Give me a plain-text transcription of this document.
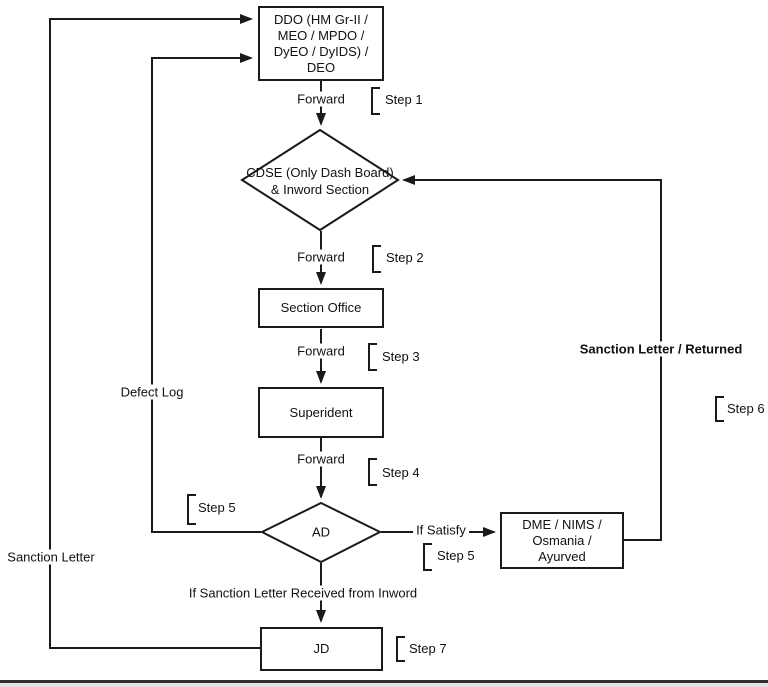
DDO (HM Gr-II / MEO / MPDO / DyEO / DyIDS) / DEO
Section Office
Superident
DME / NIMS / Osmania / Ayurved
JD
CDSE (Only Dash Board) & Inword Section
AD
Forward
Forward
Forward
Forward
Defect Log
Sanction Letter
If Satisfy
Sanction Letter / Returned
If Sanction Letter Received from Inword
Step 1
Step 2
Step 3
Step 4
Step 5
Step 5
Step 6
Step 7
